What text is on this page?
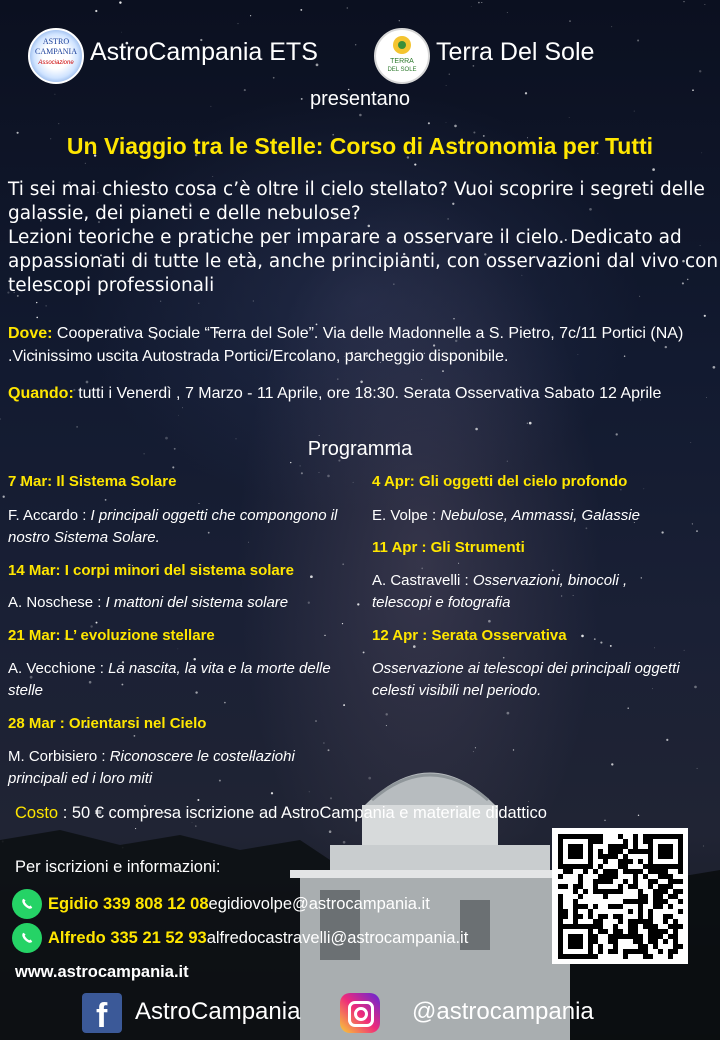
ASTRO
CAMPANIA
Associazione AstroCampania ETS	TERRA
DEL SOLE
Terra Del Sole
presentano
Un Viaggio tra le Stelle: Corso di Astronomia per Tutti
Ti sei mai chiesto cosa c’è oltre il cielo stellato? Vuoi scoprire i segreti delle galassie, dei pianeti e delle nebulose?
Lezioni teoriche e pratiche per imparare a osservare il cielo. Dedicato ad appassionati di tutte le età, anche principianti, con osservazioni dal vivo con telescopi professionali
Dove: Cooperativa Sociale “Terra del Sole”. Via delle Madonnelle a S. Pietro, 7c/11 Portici (NA) .Vicinissimo uscita Autostrada Portici/Ercolano, parcheggio disponibile.
Quando: tutti i Venerdì , 7 Marzo - 11 Aprile, ore 18:30. Serata Osservativa Sabato 12 Aprile
Programma
7 Mar: Il Sistema Solare
F. Accardo : I principali oggetti che compongono il nostro Sistema Solare.
14 Mar: I corpi minori del sistema solare
A. Noschese : I mattoni del sistema solare
21 Mar: L’ evoluzione stellare
A. Vecchione : La nascita, la vita e la morte delle stelle
28 Mar : Orientarsi nel Cielo
M. Corbisiero : Riconoscere le costellazioni principali ed i loro miti
4 Apr: Gli oggetti del cielo profondo
E. Volpe : Nebulose, Ammassi, Galassie
11 Apr : Gli Strumenti
A. Castravelli : Osservazioni, binocoli , telescopi e fotografia
12 Apr : Serata Osservativa
Osservazione ai telescopi dei principali oggetti celesti visibili nel periodo.
Costo : 50 € compresa iscrizione ad AstroCampania e materiale didattico
Per iscrizioni e informazioni:
Egidio 339 808 12 08 egidiovolpe@astrocampania.it
Alfredo 335 21 52 93 alfredocastravelli@astrocampania.it
www.astrocampania.it
f AstroCampania	@astrocampania
